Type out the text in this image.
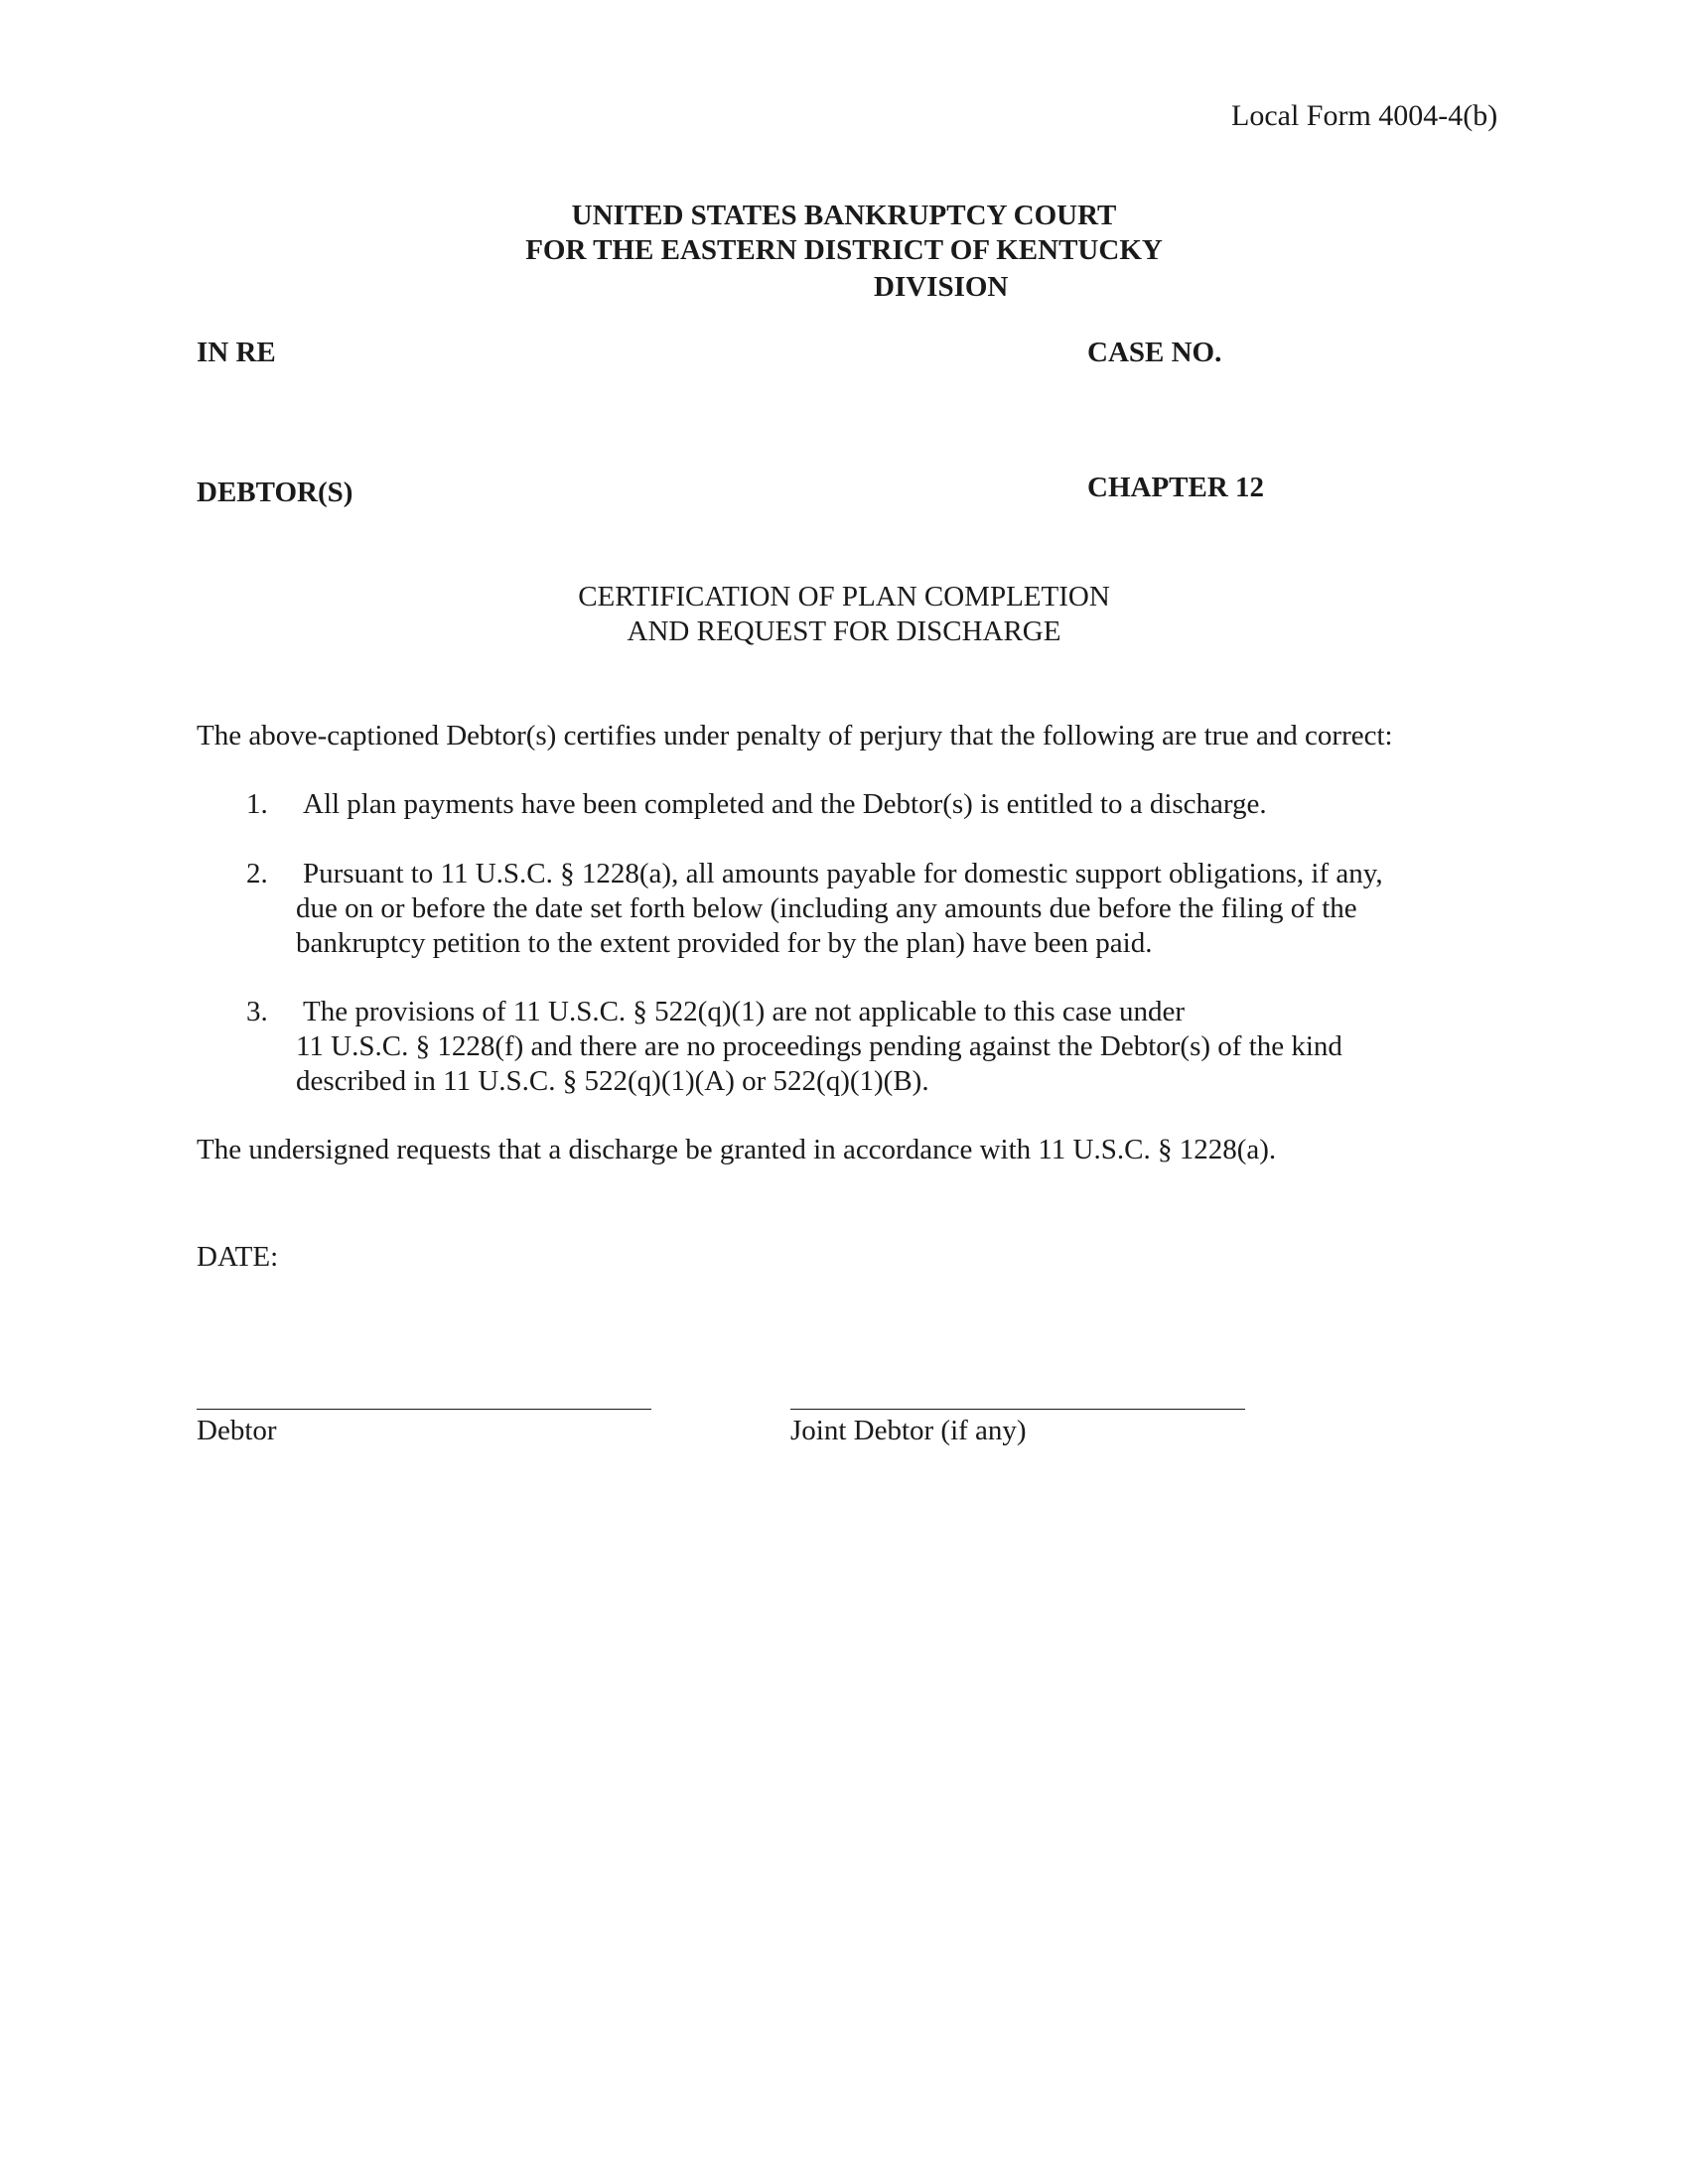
Local Form 4004-4(b)
UNITED STATES BANKRUPTCY COURT
FOR THE EASTERN DISTRICT OF KENTUCKY
DIVISION
IN RE	CASE NO.
DEBTOR(S)	CHAPTER 12
CERTIFICATION OF PLAN COMPLETION
AND REQUEST FOR DISCHARGE
The above-captioned Debtor(s) certifies under penalty of perjury that the following are true and correct:
1. All plan payments have been completed and the Debtor(s) is entitled to a discharge.
2. Pursuant to 11 U.S.C. § 1228(a), all amounts payable for domestic support obligations, if any,
due on or before the date set forth below (including any amounts due before the filing of the
bankruptcy petition to the extent provided for by the plan) have been paid.
3. The provisions of 11 U.S.C. § 522(q)(1) are not applicable to this case under
11 U.S.C. § 1228(f) and there are no proceedings pending against the Debtor(s) of the kind
described in 11 U.S.C. § 522(q)(1)(A) or 522(q)(1)(B).
The undersigned requests that a discharge be granted in accordance with 11 U.S.C. § 1228(a).
DATE:
Debtor	Joint Debtor (if any)
